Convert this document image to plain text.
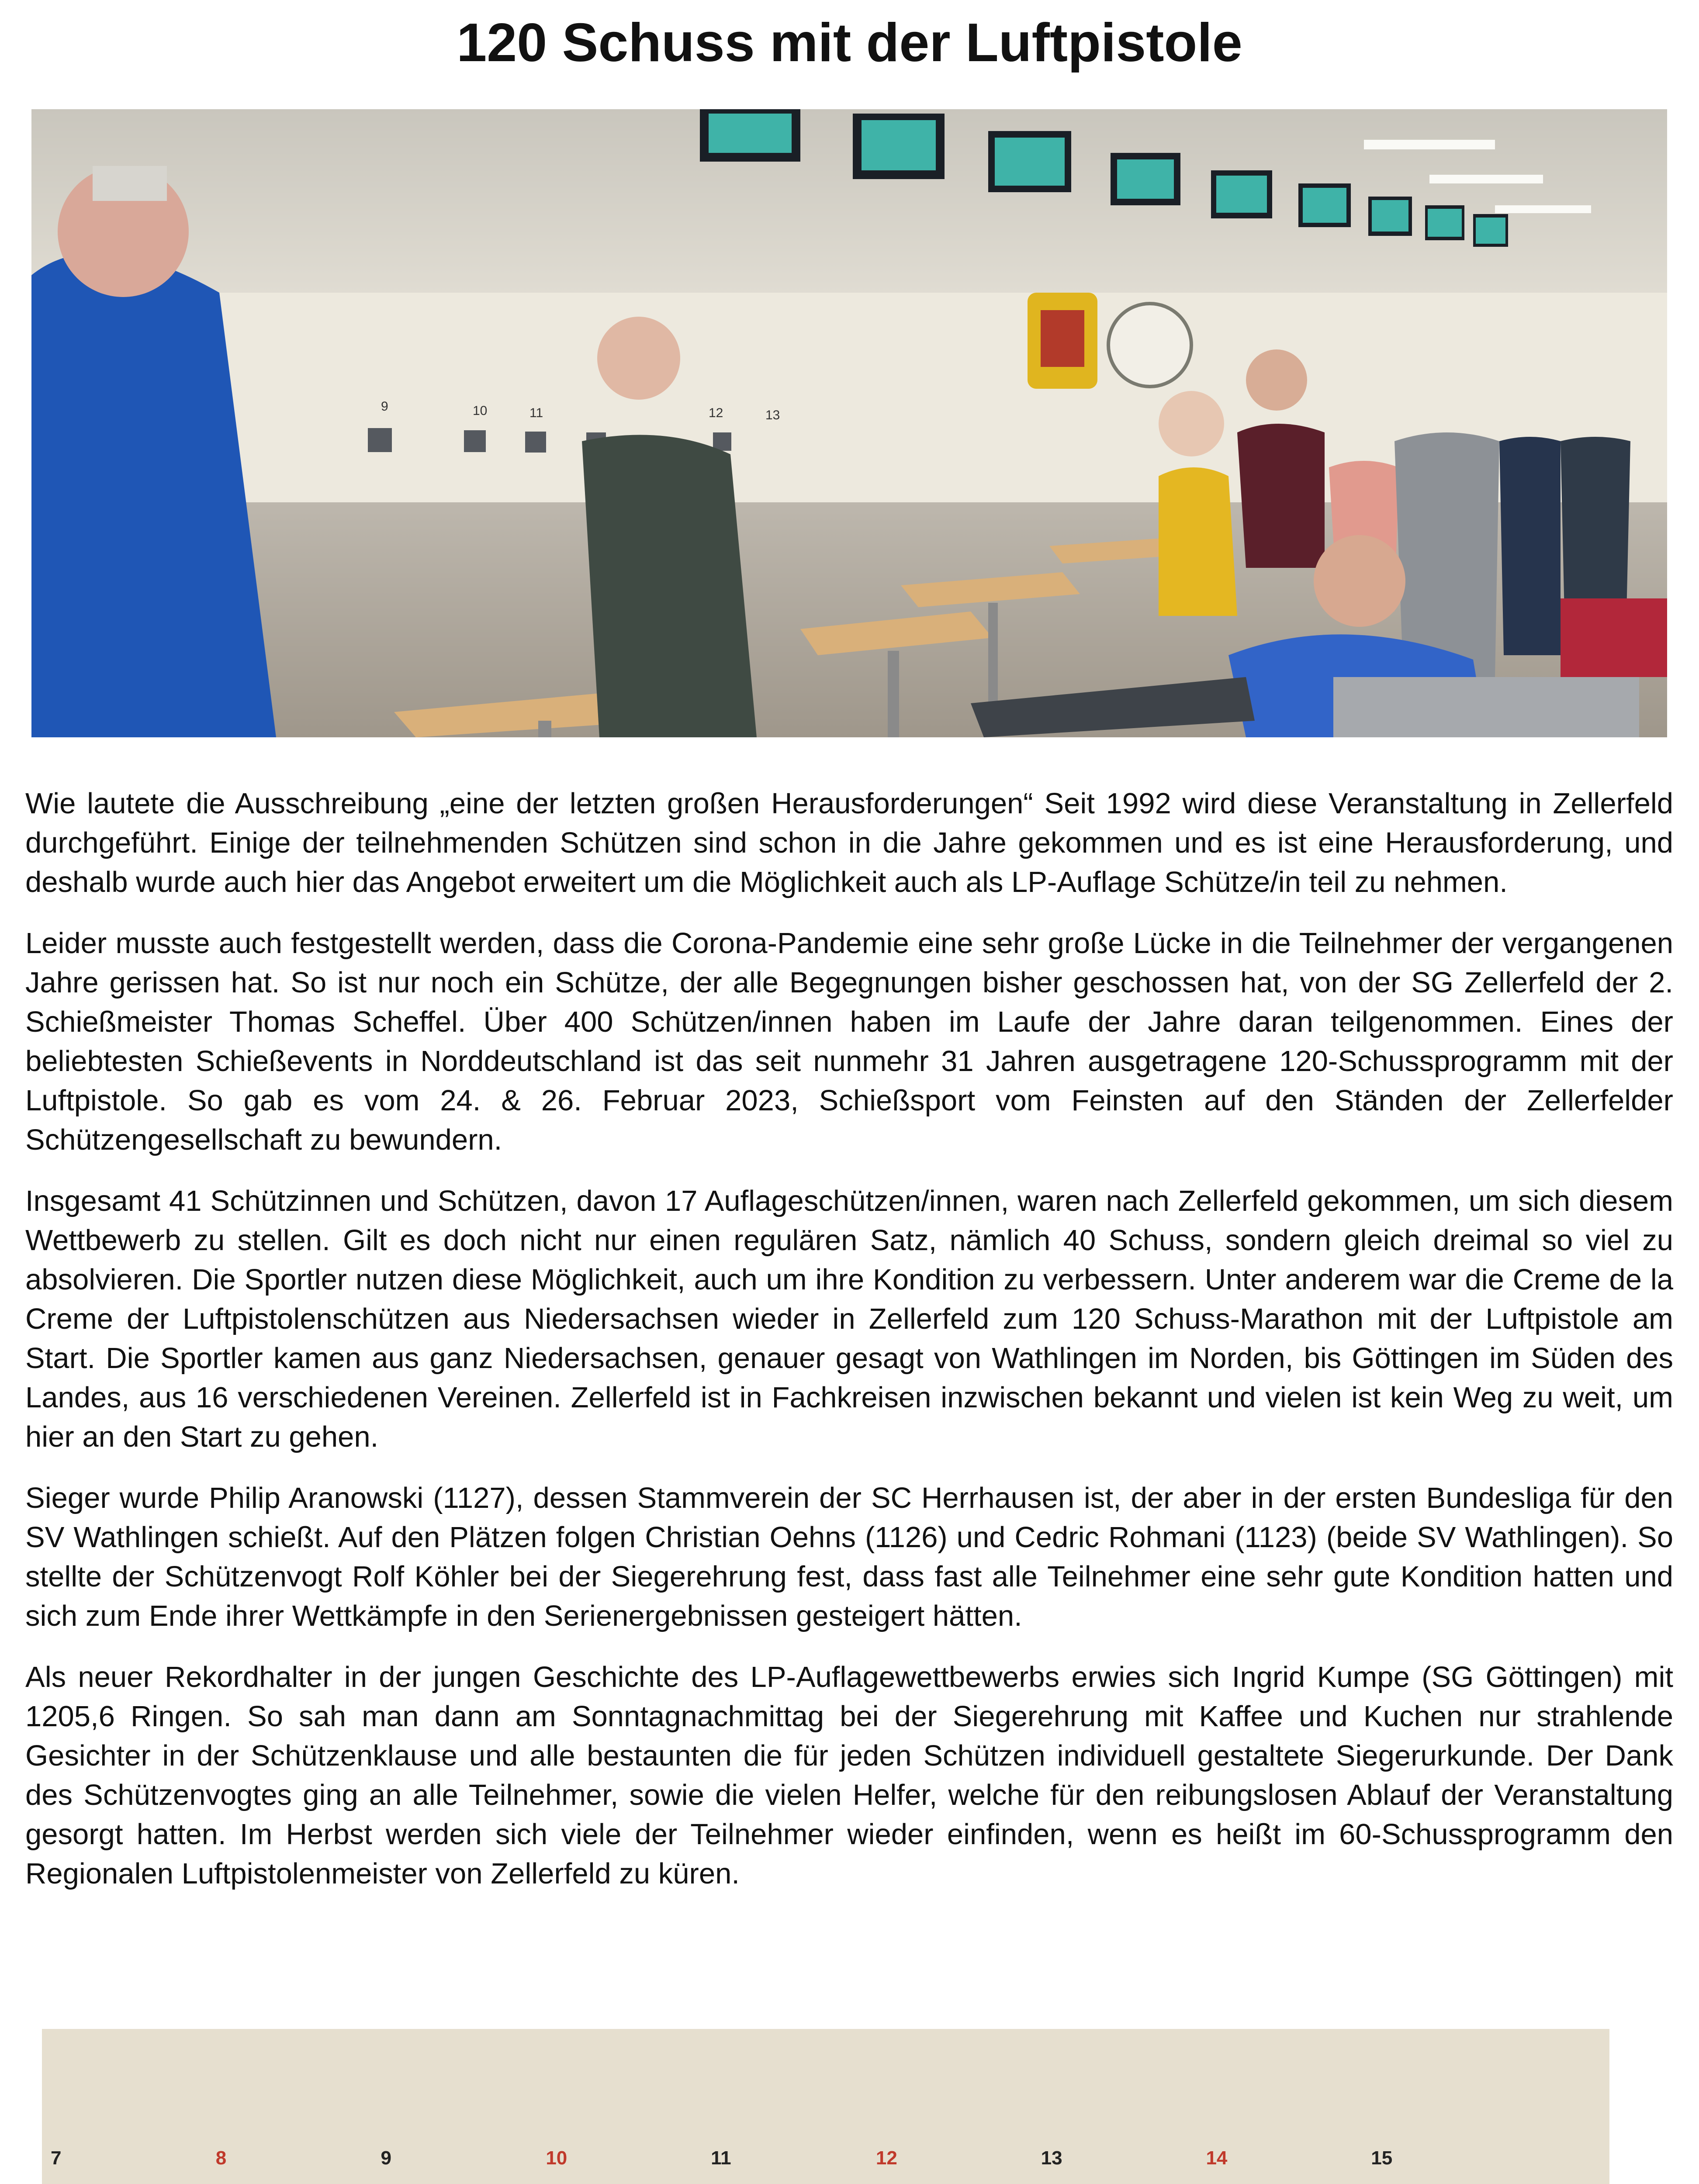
120 Schuss mit der Luftpistole
9	10	11	12	13

Wie lautete die Ausschreibung „eine der letzten großen Herausforderungen“ Seit 1992 wird diese Veranstaltung in Zellerfeld durchgeführt. Einige der teilnehmenden Schützen sind schon in die Jahre gekommen und es ist eine Herausforderung, und deshalb wurde auch hier das Angebot erweitert um die Möglichkeit auch als LP-Auflage Schütze/in teil zu nehmen.

Leider musste auch festgestellt werden, dass die Corona-Pandemie eine sehr große Lücke in die Teilnehmer der vergangenen Jahre gerissen hat. So ist nur noch ein Schütze, der alle Begegnungen bisher geschossen hat, von der SG Zellerfeld der 2. Schießmeister Thomas Scheffel. Über 400 Schützen/innen haben im Laufe der Jahre daran teilgenommen. Eines der beliebtesten Schießevents in Norddeutschland ist das seit nunmehr 31 Jahren ausgetragene 120-Schussprogramm mit der Luftpistole. So gab es vom 24. & 26. Februar 2023, Schießsport vom Feinsten auf den Ständen der Zellerfelder Schützengesellschaft zu bewundern.

Insgesamt 41 Schützinnen und Schützen, davon 17 Auflageschützen/innen, waren nach Zellerfeld gekommen, um sich diesem Wettbewerb zu stellen. Gilt es doch nicht nur einen regulären Satz, nämlich 40 Schuss, sondern gleich dreimal so viel zu absolvieren. Die Sportler nutzen diese Möglichkeit, auch um ihre Kondition zu verbessern. Unter anderem war die Creme de la Creme der Luftpistolenschützen aus Niedersachsen wieder in Zellerfeld zum 120 Schuss-Marathon mit der Luftpistole am Start. Die Sportler kamen aus ganz Niedersachsen, genauer gesagt von Wathlingen im Norden, bis Göttingen im Süden des Landes, aus 16 verschiedenen Vereinen. Zellerfeld ist in Fachkreisen inzwischen bekannt und vielen ist kein Weg zu weit, um hier an den Start zu gehen.

Sieger wurde Philip Aranowski (1127), dessen Stammverein der SC Herrhausen ist, der aber in der ersten Bundesliga für den SV Wathlingen schießt. Auf den Plätzen folgen Christian Oehns (1126) und Cedric Rohmani (1123) (beide SV Wathlingen). So stellte der Schützenvogt Rolf Köhler bei der Siegerehrung fest, dass fast alle Teilnehmer eine sehr gute Kondition hatten und sich zum Ende ihrer Wettkämpfe in den Serienergebnissen gesteigert hätten.

Als neuer Rekordhalter in der jungen Geschichte des LP-Auflagewettbewerbs erwies sich Ingrid Kumpe (SG Göttingen) mit 1205,6 Ringen. So sah man dann am Sonntagnachmittag bei der Siegerehrung mit Kaffee und Kuchen nur strahlende Gesichter in der Schützenklause und alle bestaunten die für jeden Schützen individuell gestaltete Siegerurkunde. Der Dank des Schützenvogtes ging an alle Teilnehmer, sowie die vielen Helfer, welche für den reibungslosen Ablauf der Veranstaltung gesorgt hatten. Im Herbst werden sich viele der Teilnehmer wieder einfinden, wenn es heißt im 60-Schussprogramm den Regionalen Luftpistolenmeister von Zellerfeld zu küren.

7	8	9	10	11	12	13	14	15
